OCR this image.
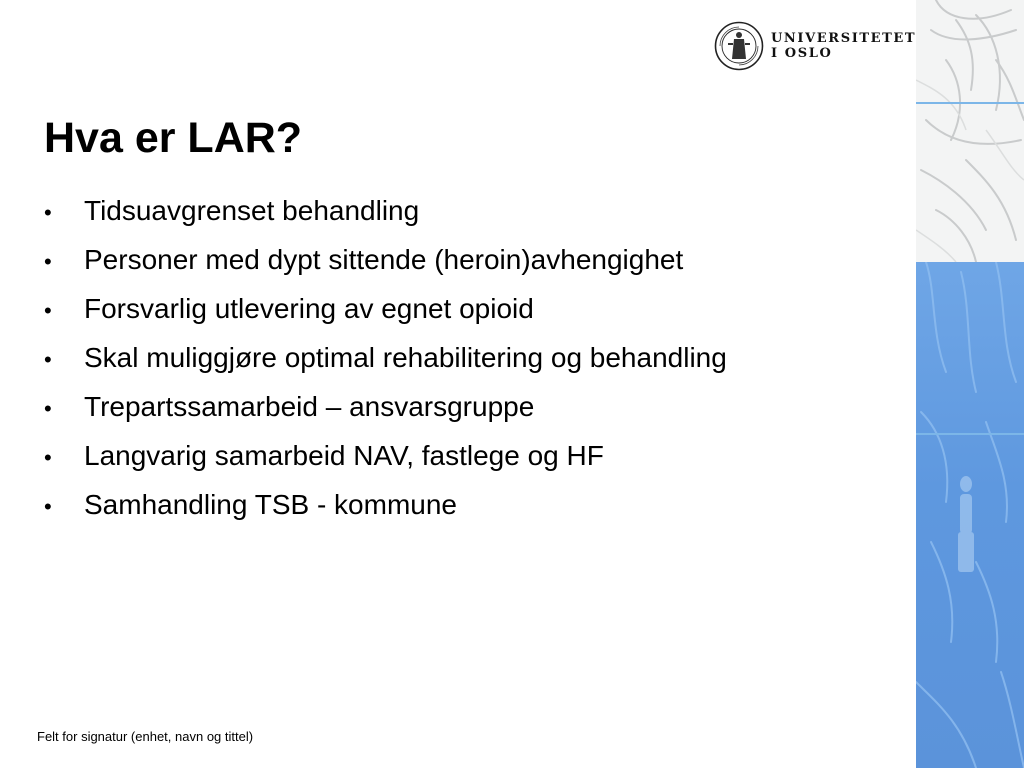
UNIVERSITETET
I OSLO
Hva er LAR?
•	Tidsuavgrenset behandling
•	Personer med dypt sittende (heroin)avhengighet
•	Forsvarlig utlevering av egnet opioid
•	Skal muliggjøre optimal rehabilitering og behandling
•	Trepartssamarbeid – ansvarsgruppe
•	Langvarig samarbeid NAV, fastlege og HF
•	Samhandling TSB - kommune
Felt for signatur (enhet, navn og tittel)
